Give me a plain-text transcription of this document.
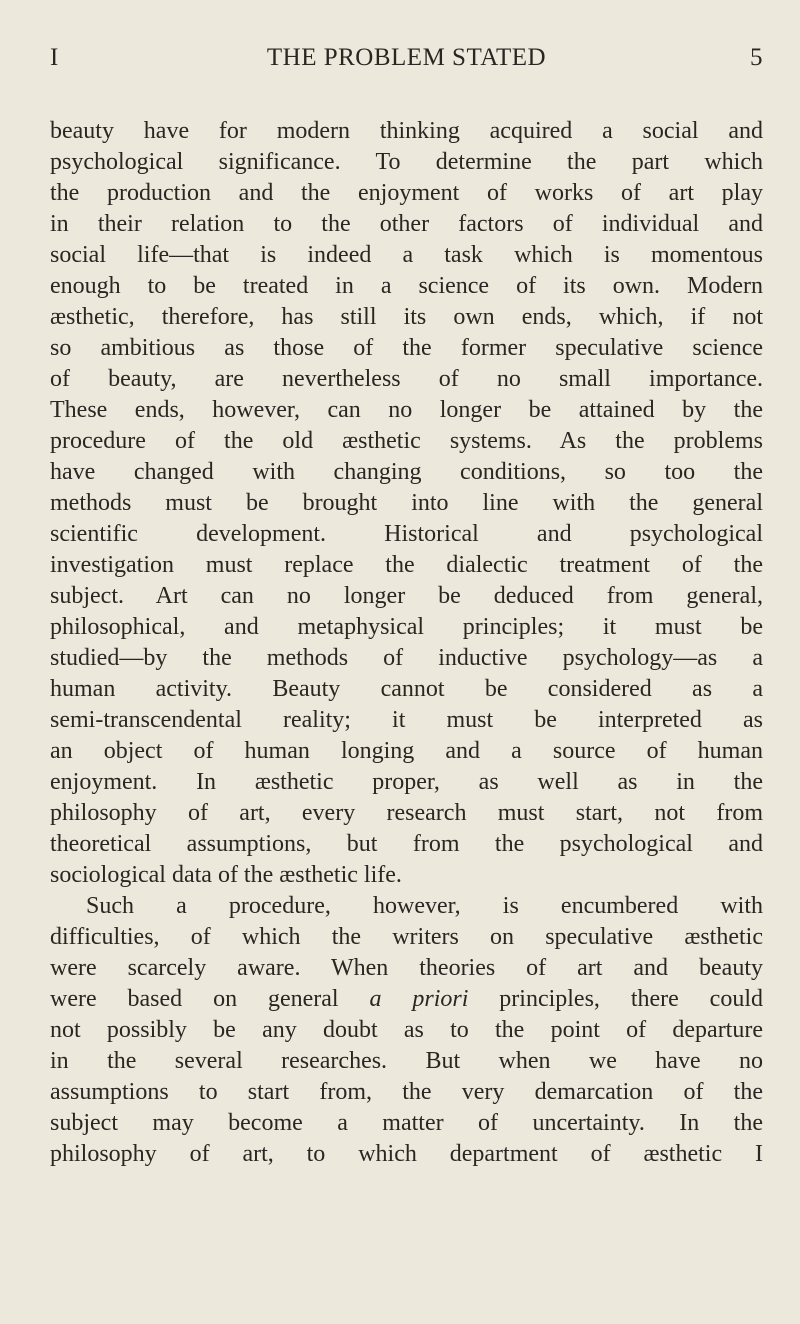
I	THE PROBLEM STATED	5
beauty have for modern thinking acquired a social and
psychological significance. To determine the part which
the production and the enjoyment of works of art play
in their relation to the other factors of individual and
social life—that is indeed a task which is momentous
enough to be treated in a science of its own. Modern
æsthetic, therefore, has still its own ends, which, if not
so ambitious as those of the former speculative science
of beauty, are nevertheless of no small importance.
These ends, however, can no longer be attained by the
procedure of the old æsthetic systems. As the problems
have changed with changing conditions, so too the
methods must be brought into line with the general
scientific development. Historical and psychological
investigation must replace the dialectic treatment of the
subject. Art can no longer be deduced from general,
philosophical, and metaphysical principles; it must be
studied—by the methods of inductive psychology—as a
human activity. Beauty cannot be considered as a
semi-transcendental reality; it must be interpreted as
an object of human longing and a source of human
enjoyment. In æsthetic proper, as well as in the
philosophy of art, every research must start, not from
theoretical assumptions, but from the psychological and
sociological data of the æsthetic life.
Such a procedure, however, is encumbered with
difficulties, of which the writers on speculative æsthetic
were scarcely aware. When theories of art and beauty
were based on general a priori principles, there could
not possibly be any doubt as to the point of departure
in the several researches. But when we have no
assumptions to start from, the very demarcation of the
subject may become a matter of uncertainty. In the
philosophy of art, to which department of æsthetic I
